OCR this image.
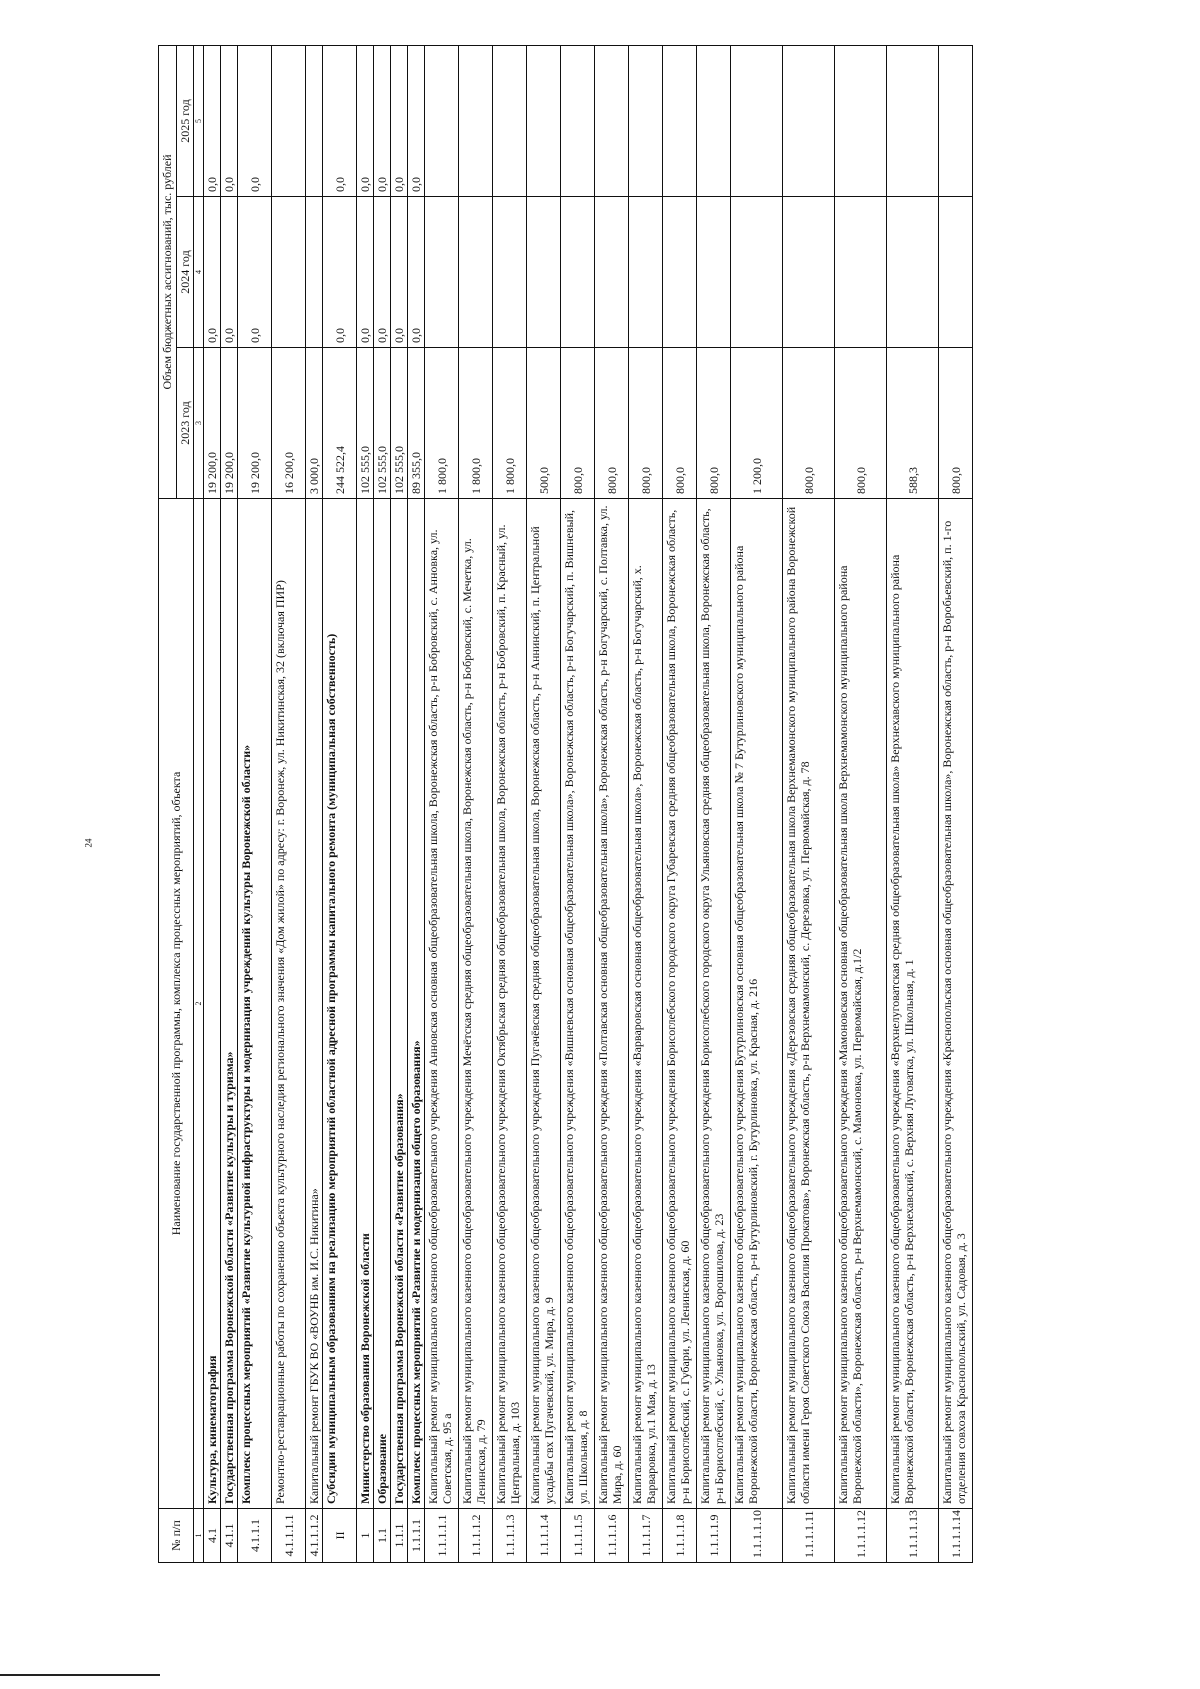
24
№ п/п	Наименование государственной программы, комплекса процессных мероприятий, объекта	Объем бюджетных ассигнований, тыс. рублей		
		2023 год	2024 год	2025 год
1	2	3	4	5
4.1	Культура, кинематография	19 200,0	0,0	0,0
4.1.1	Государственная программа Воронежской области «Развитие культуры и туризма»	19 200,0	0,0	0,0
4.1.1.1	Комплекс процессных мероприятий «Развитие культурной инфраструктуры и модернизация учреждений культуры Воронежской области»	19 200,0	0,0	0,0
4.1.1.1.1	Ремонтно-реставрационные работы по сохранению объекта культурного наследия регионального значения «Дом жилой» по адресу: г. Воронеж, ул. Никитинская, 32 (включая ПИР)	16 200,0		
4.1.1.1.2	Капитальный ремонт ГБУК ВО «ВОУНБ им. И.С. Никитина»	3 000,0		
II	Субсидии муниципальным образованиям на реализацию мероприятий областной адресной программы капитального ремонта (муниципальная собственность)	244 522,4	0,0	0,0
1	Министерство образования Воронежской области	102 555,0	0,0	0,0
1.1	Образование	102 555,0	0,0	0,0
1.1.1	Государственная программа Воронежской области «Развитие образования»	102 555,0	0,0	0,0
1.1.1.1	Комплекс процессных мероприятий «Развитие и модернизация общего образования»	89 355,0	0,0	0,0
1.1.1.1.1	Капитальный ремонт муниципального казенного общеобразовательного учреждения Анновская основная общеобразовательная школа, Воронежская область, р-н Бобровский, с. Анновка, ул. Советская, д. 95 а	1 800,0		
1.1.1.1.2	Капитальный ремонт муниципального казенного общеобразовательного учреждения Мечётская средняя общеобразовательная школа, Воронежская область, р-н Бобровский, с. Мечетка, ул. Ленинская, д. 79	1 800,0		
1.1.1.1.3	Капитальный ремонт муниципального казенного общеобразовательного учреждения Октябрьская средняя общеобразовательная школа, Воронежская область, р-н Бобровский, п. Красный, ул. Центральная, д. 103	1 800,0		
1.1.1.1.4	Капитальный ремонт муниципального казенного общеобразовательного учреждения Пугачёвская средняя общеобразовательная школа, Воронежская область, р-н Аннинский, п. Центральной усадьбы свх Пугачевский, ул. Мира, д. 9	500,0		
1.1.1.1.5	Капитальный ремонт муниципального казенного общеобразовательного учреждения «Вишневская основная общеобразовательная школа», Воронежская область, р-н Богучарский, п. Вишневый, ул. Школьная, д. 8	800,0		
1.1.1.1.6	Капитальный ремонт муниципального казенного общеобразовательного учреждения «Полтавская основная общеобразовательная школа», Воронежская область, р-н Богучарский, с. Полтавка, ул. Мира, д. 60	800,0		
1.1.1.1.7	Капитальный ремонт муниципального казенного общеобразовательного учреждения «Варваровская основная общеобразовательная школа», Воронежская область, р-н Богучарский, х. Варваровка, ул.1 Мая, д. 13	800,0		
1.1.1.1.8	Капитальный ремонт муниципального казенного общеобразовательного учреждения Борисоглебского городского округа Губаревская средняя общеобразовательная школа, Воронежская область, р-н Борисоглебский, с. Губари, ул. Ленинская, д. 60	800,0		
1.1.1.1.9	Капитальный ремонт муниципального казенного общеобразовательного учреждения Борисоглебского городского округа Ульяновская средняя общеобразовательная школа, Воронежская область, р-н Борисоглебский, с. Ульяновка, ул. Ворошилова, д. 23	800,0		
1.1.1.1.10	Капитальный ремонт муниципального казенного общеобразовательного учреждения Бутурлиновская основная общеобразовательная школа № 7 Бутурлиновского муниципального района Воронежской области, Воронежская область, р-н Бутурлиновский, г. Бутурлиновка, ул. Красная, д. 216	1 200,0		
1.1.1.1.11	Капитальный ремонт муниципального казенного общеобразовательного учреждения «Дерезовская средняя общеобразовательная школа Верхнемамонского муниципального района Воронежской области имени Героя Советского Союза Василия Прокатова», Воронежская область, р-н Верхнемамонский, с. Дерезовка, ул. Первомайская, д. 78	800,0		
1.1.1.1.12	Капитальный ремонт муниципального казенного общеобразовательного учреждения «Мамоновская основная общеобразовательная школа Верхнемамонского муниципального района Воронежской области», Воронежская область, р-н Верхнемамонский, с. Мамоновка, ул. Первомайская, д.1/2	800,0		
1.1.1.1.13	Капитальный ремонт муниципального казенного общеобразовательного учреждения «Верхнелуговатская средняя общеобразовательная школа» Верхнехавского муниципального района Воронежской области, Воронежская область, р-н Верхнехавский, с. Верхняя Луговатка, ул. Школьная, д. 1	588,3		
1.1.1.1.14	Капитальный ремонт муниципального казенного общеобразовательного учреждения «Краснопольская основная общеобразовательная школа», Воронежская область, р-н Воробьевский, п. 1-го отделения совхоза Краснопольский, ул. Садовая, д. 3	800,0		
